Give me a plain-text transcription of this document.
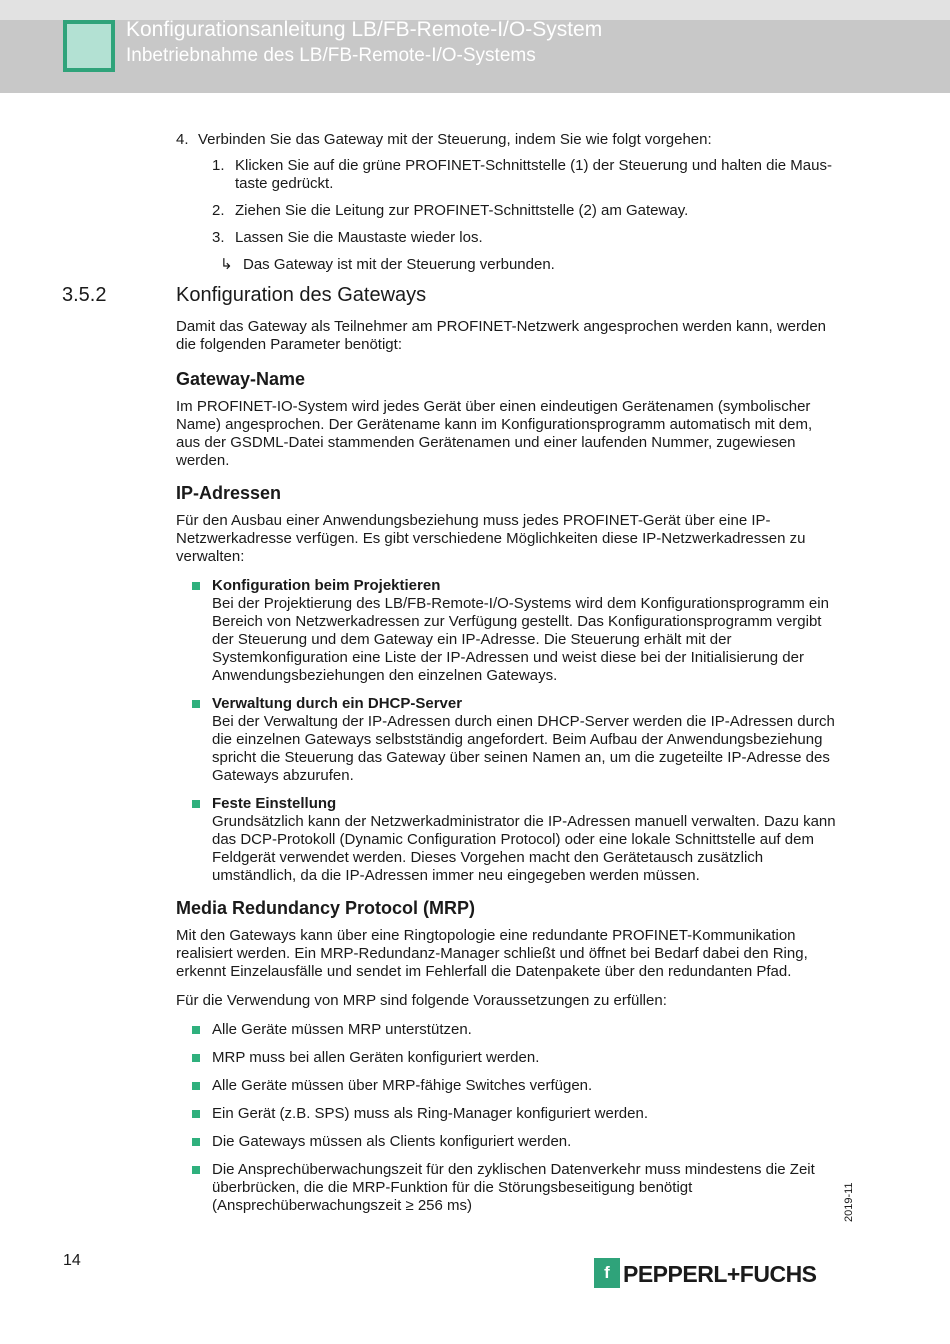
Konfigurationsanleitung LB/FB-Remote-I/O-System
Inbetriebnahme des LB/FB-Remote-I/O-Systems
4. Verbinden Sie das Gateway mit der Steuerung, indem Sie wie folgt vorgehen:
1. Klicken Sie auf die grüne PROFINET-Schnittstelle (1) der Steuerung und halten die Maus-taste gedrückt.
2. Ziehen Sie die Leitung zur PROFINET-Schnittstelle (2) am Gateway.
3. Lassen Sie die Maustaste wieder los.
↳ Das Gateway ist mit der Steuerung verbunden.
3.5.2	Konfiguration des Gateways

Damit das Gateway als Teilnehmer am PROFINET-Netzwerk angesprochen werden kann, werden die folgenden Parameter benötigt:

Gateway-Name

Im PROFINET-IO-System wird jedes Gerät über einen eindeutigen Gerätenamen (symbolischer Name) angesprochen. Der Gerätename kann im Konfigurationsprogramm automatisch mit dem, aus der GSDML-Datei stammenden Gerätenamen und einer laufenden Nummer, zugewiesen werden.

IP-Adressen

Für den Ausbau einer Anwendungsbeziehung muss jedes PROFINET-Gerät über eine IP-Netzwerkadresse verfügen. Es gibt verschiedene Möglichkeiten diese IP-Netzwerkadressen zu verwalten:

Konfiguration beim Projektieren
Bei der Projektierung des LB/FB-Remote-I/O-Systems wird dem Konfigurationsprogramm ein Bereich von Netzwerkadressen zur Verfügung gestellt. Das Konfigurationsprogramm vergibt der Steuerung und dem Gateway ein IP-Adresse. Die Steuerung erhält mit der Systemkonfiguration eine Liste der IP-Adressen und weist diese bei der Initialisierung der Anwendungsbeziehungen den einzelnen Gateways.
Verwaltung durch ein DHCP-Server
Bei der Verwaltung der IP-Adressen durch einen DHCP-Server werden die IP-Adressen durch die einzelnen Gateways selbstständig angefordert. Beim Aufbau der Anwendungsbeziehung spricht die Steuerung das Gateway über seinen Namen an, um die zugeteilte IP-Adresse des Gateways abzurufen.
Feste Einstellung
Grundsätzlich kann der Netzwerkadministrator die IP-Adressen manuell verwalten. Dazu kann das DCP-Protokoll (Dynamic Configuration Protocol) oder eine lokale Schnittstelle auf dem Feldgerät verwendet werden. Dieses Vorgehen macht den Gerätetausch zusätzlich umständlich, da die IP-Adressen immer neu eingegeben werden müssen.
Media Redundancy Protocol (MRP)

Mit den Gateways kann über eine Ringtopologie eine redundante PROFINET-Kommunikation realisiert werden. Ein MRP-Redundanz-Manager schließt und öffnet bei Bedarf dabei den Ring, erkennt Einzelausfälle und sendet im Fehlerfall die Datenpakete über den redundanten Pfad.

Für die Verwendung von MRP sind folgende Voraussetzungen zu erfüllen:

Alle Geräte müssen MRP unterstützen.
MRP muss bei allen Geräten konfiguriert werden.
Alle Geräte müssen über MRP-fähige Switches verfügen.
Ein Gerät (z.B. SPS) muss als Ring-Manager konfiguriert werden.
Die Gateways müssen als Clients konfiguriert werden.
Die Ansprechüberwachungszeit für den zyklischen Datenverkehr muss mindestens die Zeit überbrücken, die die MRP-Funktion für die Störungsbeseitigung benötigt (Ansprechüberwachungszeit ≥ 256 ms)
14
2019-11
f PEPPERL+FUCHS
